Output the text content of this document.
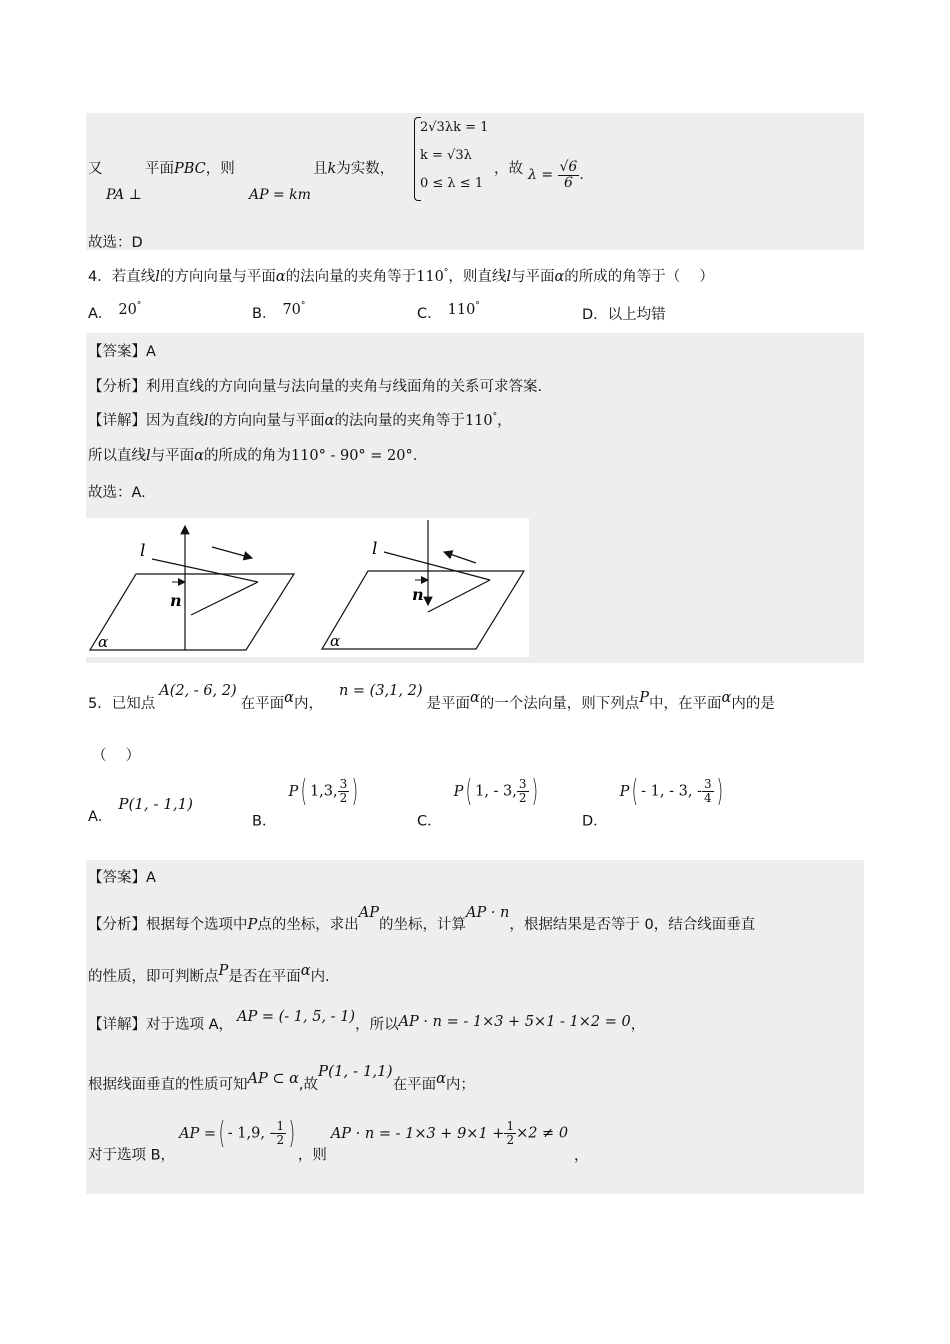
又
PA ⊥
平面PBC，则
AP = km
且k为实数，
2√3λk = 1
k = √3λ
0 ≤ λ ≤ 1
，故 $\lambda = \frac{√6}{6}$ .
故选：D
4．若直线l的方向向量与平面α的法向量的夹角等于110°，则直线l与平面α的所成的角等于（　 ）
A． 20°	B． 70°	C． 110°
D．以上均错
【答案】A
【分析】利用直线的方向向量与法向量的夹角与线面角的关系可求答案.
【详解】因为直线l的方向向量与平面α的法向量的夹角等于110°，
所以直线l与平面α的所成的角为110° - 90° = 20°.
故选：A.
l
n
α
l
n
α
5．已知点A(2, - 6, 2)在平面α内，n = (3,1, 2)是平面α的一个法向量，则下列点P中，在平面α内的是
（　 ）
A．P(1, - 1,1)
B．P( 1,3, $\frac{3}{2}$ )
C．P( 1, - 3, $\frac{3}{2}$ )
D．P( - 1, - 3, - $\frac{3}{4}$ )
【答案】A
【分析】根据每个选项中P点的坐标，求出AP的坐标，计算AP · n，根据结果是否等于 0，结合线面垂直
的性质，即可判断点P是否在平面α内.
【详解】对于选项 A， AP = (- 1, 5, - 1)，所以AP · n = - 1×3 + 5×1 - 1×2 = 0，
根据线面垂直的性质可知AP ⊂ α,故P(1, - 1,1)在平面α内；
对于选项 B，AP =( - 1,9, - $\frac{1}{2}$ )，则AP · n = - $1\times 3 + 9\times 1 + \frac{1}{2} \times 2 \ne 0$，
